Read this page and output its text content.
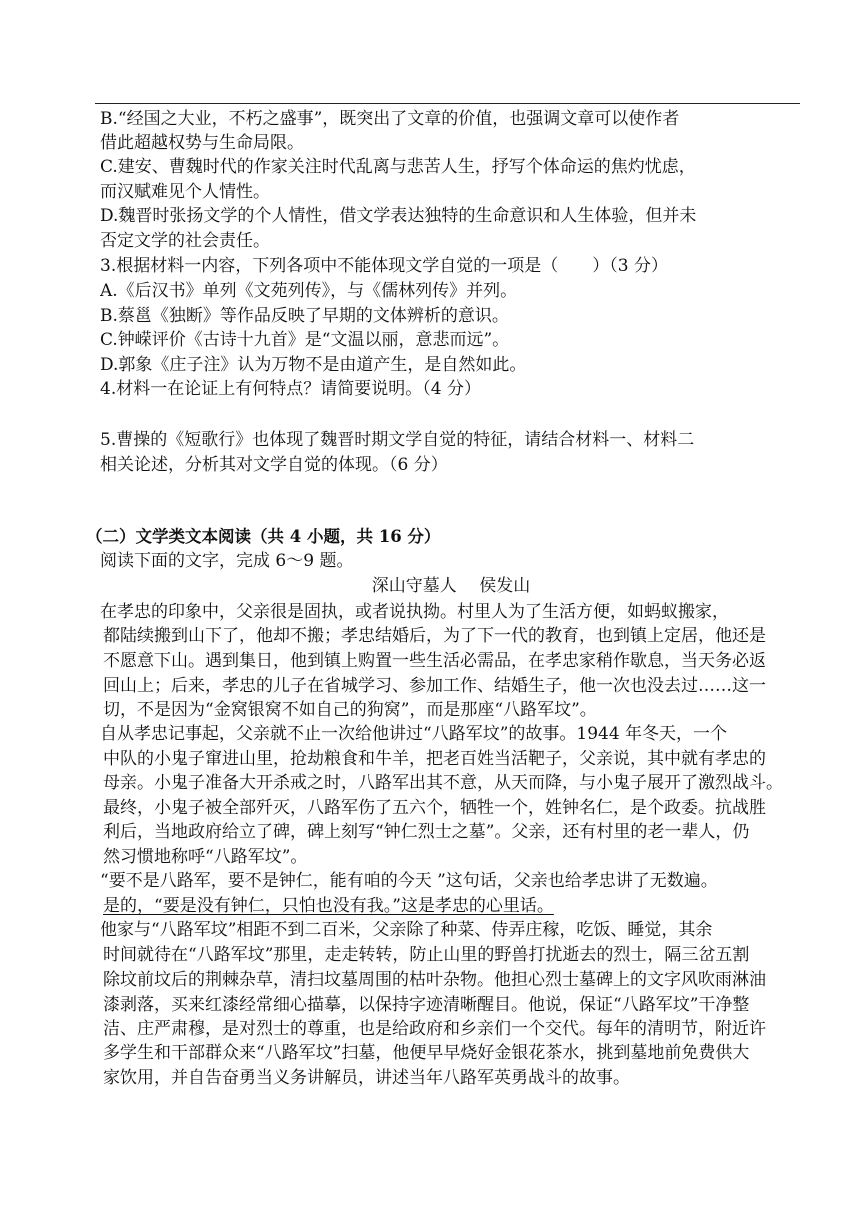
B.“经国之大业，不朽之盛事”，既突出了文章的价值，也强调文章可以使作者
借此超越权势与生命局限。
C.建安、曹魏时代的作家关注时代乱离与悲苦人生，抒写个体命运的焦灼忧虑，
而汉赋难见个人情性。
D.魏晋时张扬文学的个人情性，借文学表达独特的生命意识和人生体验，但并未
否定文学的社会责任。
3.根据材料一内容，下列各项中不能体现文学自觉的一项是（　　）（3 分）
A.《后汉书》单列《文苑列传》，与《儒林列传》并列。
B.蔡邕《独断》等作品反映了早期的文体辨析的意识。
C.钟嵘评价《古诗十九首》是“文温以丽，意悲而远”。
D.郭象《庄子注》认为万物不是由道产生，是自然如此。
4.材料一在论证上有何特点？请简要说明。（4 分）
5.曹操的《短歌行》也体现了魏晋时期文学自觉的特征，请结合材料一、材料二
相关论述，分析其对文学自觉的体现。（6 分）
（二）文学类文本阅读（共 4 小题，共 16 分）
阅读下面的文字，完成 6～9 题。
深山守墓人　 侯发山
在孝忠的印象中，父亲很是固执，或者说执拗。村里人为了生活方便，如蚂蚁搬家，
都陆续搬到山下了，他却不搬；孝忠结婚后，为了下一代的教育，也到镇上定居，他还是
不愿意下山。遇到集日，他到镇上购置一些生活必需品，在孝忠家稍作歇息，当天务必返
回山上；后来，孝忠的儿子在省城学习、参加工作、结婚生子，他一次也没去过……这一
切，不是因为“金窝银窝不如自己的狗窝”，而是那座“八路军坟”。
自从孝忠记事起，父亲就不止一次给他讲过“八路军坟”的故事。1944 年冬天，一个
中队的小鬼子窜进山里，抢劫粮食和牛羊，把老百姓当活靶子，父亲说，其中就有孝忠的
母亲。小鬼子准备大开杀戒之时，八路军出其不意，从天而降，与小鬼子展开了激烈战斗。
最终，小鬼子被全部歼灭，八路军伤了五六个，牺牲一个，姓钟名仁，是个政委。抗战胜
利后，当地政府给立了碑，碑上刻写“钟仁烈士之墓”。父亲，还有村里的老一辈人，仍
然习惯地称呼“八路军坟”。
“要不是八路军，要不是钟仁，能有咱的今天 ”这句话，父亲也给孝忠讲了无数遍。
是的，“要是没有钟仁，只怕也没有我。”这是孝忠的心里话。
他家与“八路军坟”相距不到二百米，父亲除了种菜、侍弄庄稼，吃饭、睡觉，其余
时间就待在“八路军坟”那里，走走转转，防止山里的野兽打扰逝去的烈士，隔三岔五割
除坟前坟后的荆棘杂草，清扫坟墓周围的枯叶杂物。他担心烈士墓碑上的文字风吹雨淋油
漆剥落，买来红漆经常细心描摹，以保持字迹清晰醒目。他说，保证“八路军坟”干净整
洁、庄严肃穆，是对烈士的尊重，也是给政府和乡亲们一个交代。每年的清明节，附近许
多学生和干部群众来“八路军坟”扫墓，他便早早烧好金银花茶水，挑到墓地前免费供大
家饮用，并自告奋勇当义务讲解员，讲述当年八路军英勇战斗的故事。
